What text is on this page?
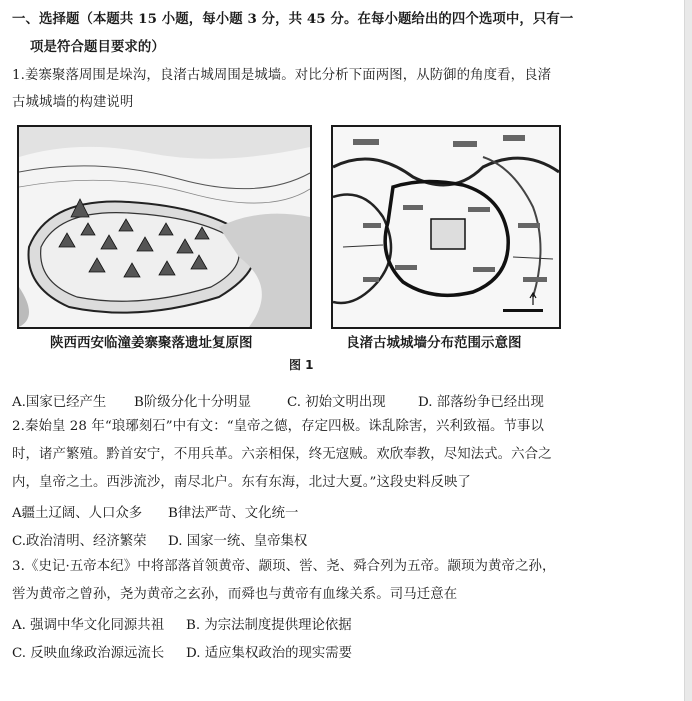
一、选择题（本题共 15 小题，每小题 3 分，共 45 分。在每小题给出的四个选项中，只有一
项是符合题目要求的）
1.姜寨聚落周围是垛沟，良渚古城周围是城墙。对比分析下面两图，从防御的角度看，良渚
古城城墙的构建说明
陕西西安临潼姜寨聚落遗址复原图	良渚古城城墙分布范围示意图
图 1
A.国家已经产生 B阶级分化十分明显	C. 初始文明出现 D. 部落纷争已经出现
2.秦始皇 28 年“琅琊刻石”中有文：“皇帝之德，存定四极。诛乱除害，兴利致福。节事以
时，诸产繁殖。黔首安宁，不用兵革。六亲相保，终无寇贼。欢欣奉教，尽知法式。六合之
内，皇帝之土。西涉流沙，南尽北户。东有东海，北过大夏。”这段史料反映了
A疆土辽阔、人口众多 B律法严苛、文化统一
C.政治清明、经济繁荣 D. 国家一统、皇帝集权
3.《史记·五帝本纪》中将部落首领黄帝、颛顼、喾、尧、舜合列为五帝。颛顼为黄帝之孙，
喾为黄帝之曾孙，尧为黄帝之玄孙，而舜也与黄帝有血缘关系。司马迁意在
A. 强调中华文化同源共祖 B. 为宗法制度提供理论依据
C. 反映血缘政治源远流长 D. 适应集权政治的现实需要
